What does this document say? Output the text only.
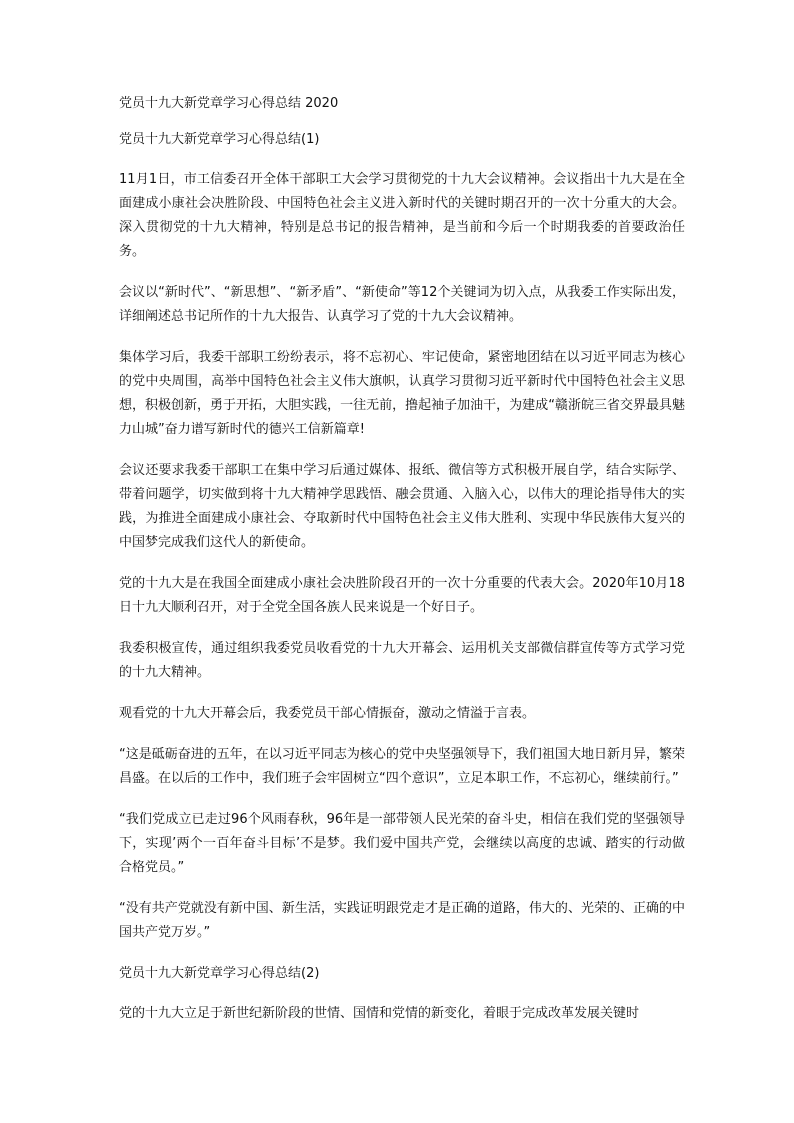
党员十九大新党章学习心得总结 2020
党员十九大新党章学习心得总结(1)

11月1日，市工信委召开全体干部职工大会学习贯彻党的十九大会议精神。会议指出十九大是在全面建成小康社会决胜阶段、中国特色社会主义进入新时代的关键时期召开的一次十分重大的大会。深入贯彻党的十九大精神，特别是总书记的报告精神，是当前和今后一个时期我委的首要政治任务。

会议以“新时代”、“新思想”、“新矛盾”、“新使命”等12个关键词为切入点，从我委工作实际出发，详细阐述总书记所作的十九大报告、认真学习了党的十九大会议精神。

集体学习后，我委干部职工纷纷表示，将不忘初心、牢记使命，紧密地团结在以习近平同志为核心的党中央周围，高举中国特色社会主义伟大旗帜，认真学习贯彻习近平新时代中国特色社会主义思想，积极创新，勇于开拓，大胆实践，一往无前，撸起袖子加油干，为建成“赣浙皖三省交界最具魅力山城”奋力谱写新时代的德兴工信新篇章!

会议还要求我委干部职工在集中学习后通过媒体、报纸、微信等方式积极开展自学，结合实际学、带着问题学，切实做到将十九大精神学思践悟、融会贯通、入脑入心，以伟大的理论指导伟大的实践，为推进全面建成小康社会、夺取新时代中国特色社会主义伟大胜利、实现中华民族伟大复兴的中国梦完成我们这代人的新使命。

党的十九大是在我国全面建成小康社会决胜阶段召开的一次十分重要的代表大会。2020年10月18日十九大顺利召开，对于全党全国各族人民来说是一个好日子。

我委积极宣传，通过组织我委党员收看党的十九大开幕会、运用机关支部微信群宣传等方式学习党的十九大精神。

观看党的十九大开幕会后，我委党员干部心情振奋，激动之情溢于言表。

“这是砥砺奋进的五年，在以习近平同志为核心的党中央坚强领导下，我们祖国大地日新月异，繁荣昌盛。在以后的工作中，我们班子会牢固树立“四个意识”，立足本职工作，不忘初心，继续前行。”

“我们党成立已走过96个风雨春秋，96年是一部带领人民光荣的奋斗史，相信在我们党的坚强领导下，实现’两个一百年奋斗目标’不是梦。我们爱中国共产党，会继续以高度的忠诚、踏实的行动做合格党员。”

“没有共产党就没有新中国、新生活，实践证明跟党走才是正确的道路，伟大的、光荣的、正确的中国共产党万岁。”

党员十九大新党章学习心得总结(2)

党的十九大立足于新世纪新阶段的世情、国情和党情的新变化，着眼于完成改革发展关键时
